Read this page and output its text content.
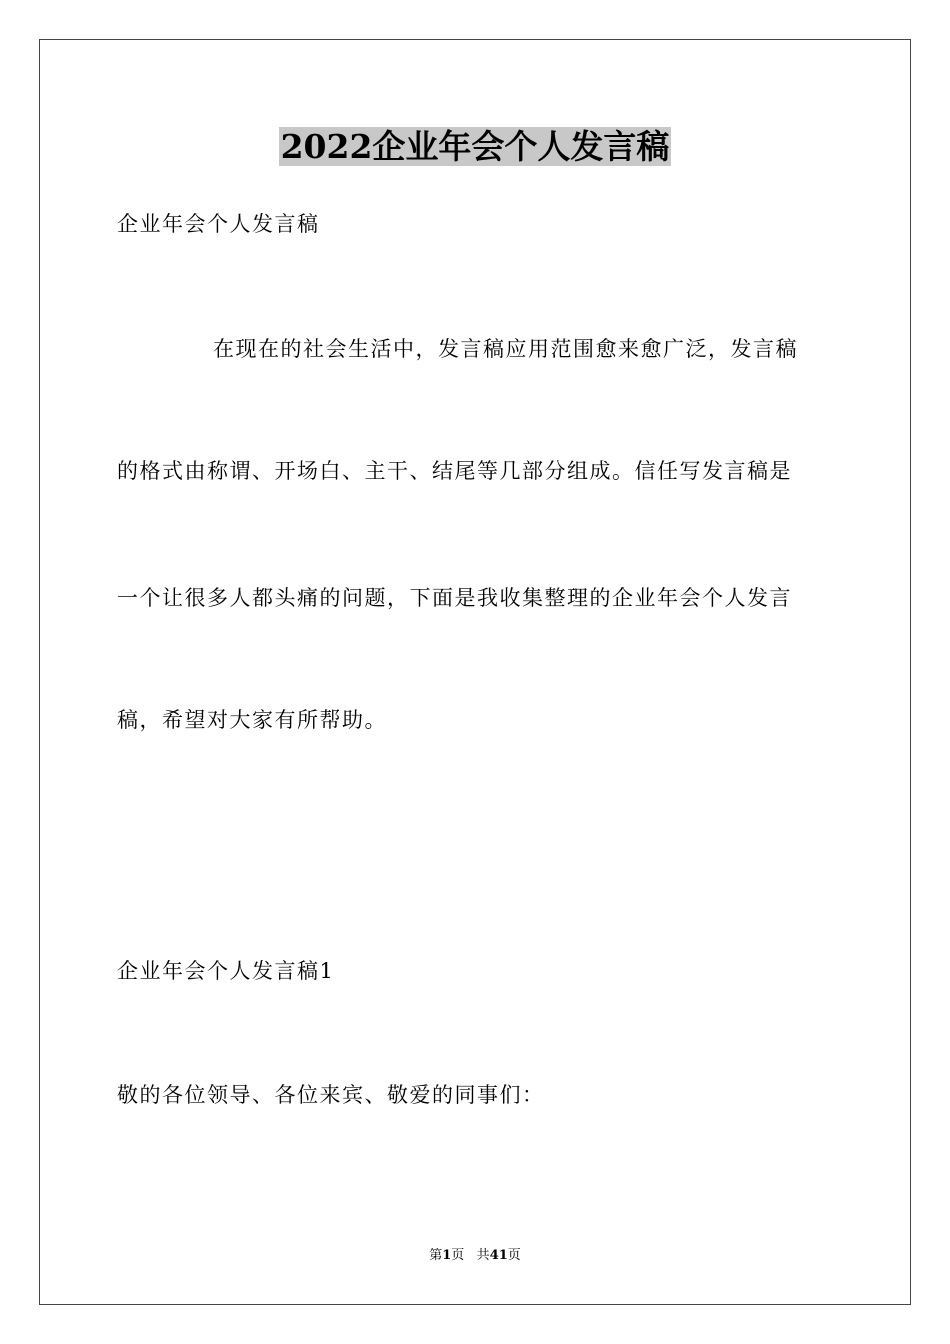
2022企业年会个人发言稿
企业年会个人发言稿
在现在的社会生活中，发言稿应用范围愈来愈广泛，发言稿
的格式由称谓、开场白、主干、结尾等几部分组成。信任写发言稿是
一个让很多人都头痛的问题，下面是我收集整理的企业年会个人发言
稿，希望对大家有所帮助。
企业年会个人发言稿1
敬的各位领导、各位来宾、敬爱的同事们：
第1页 共41页
